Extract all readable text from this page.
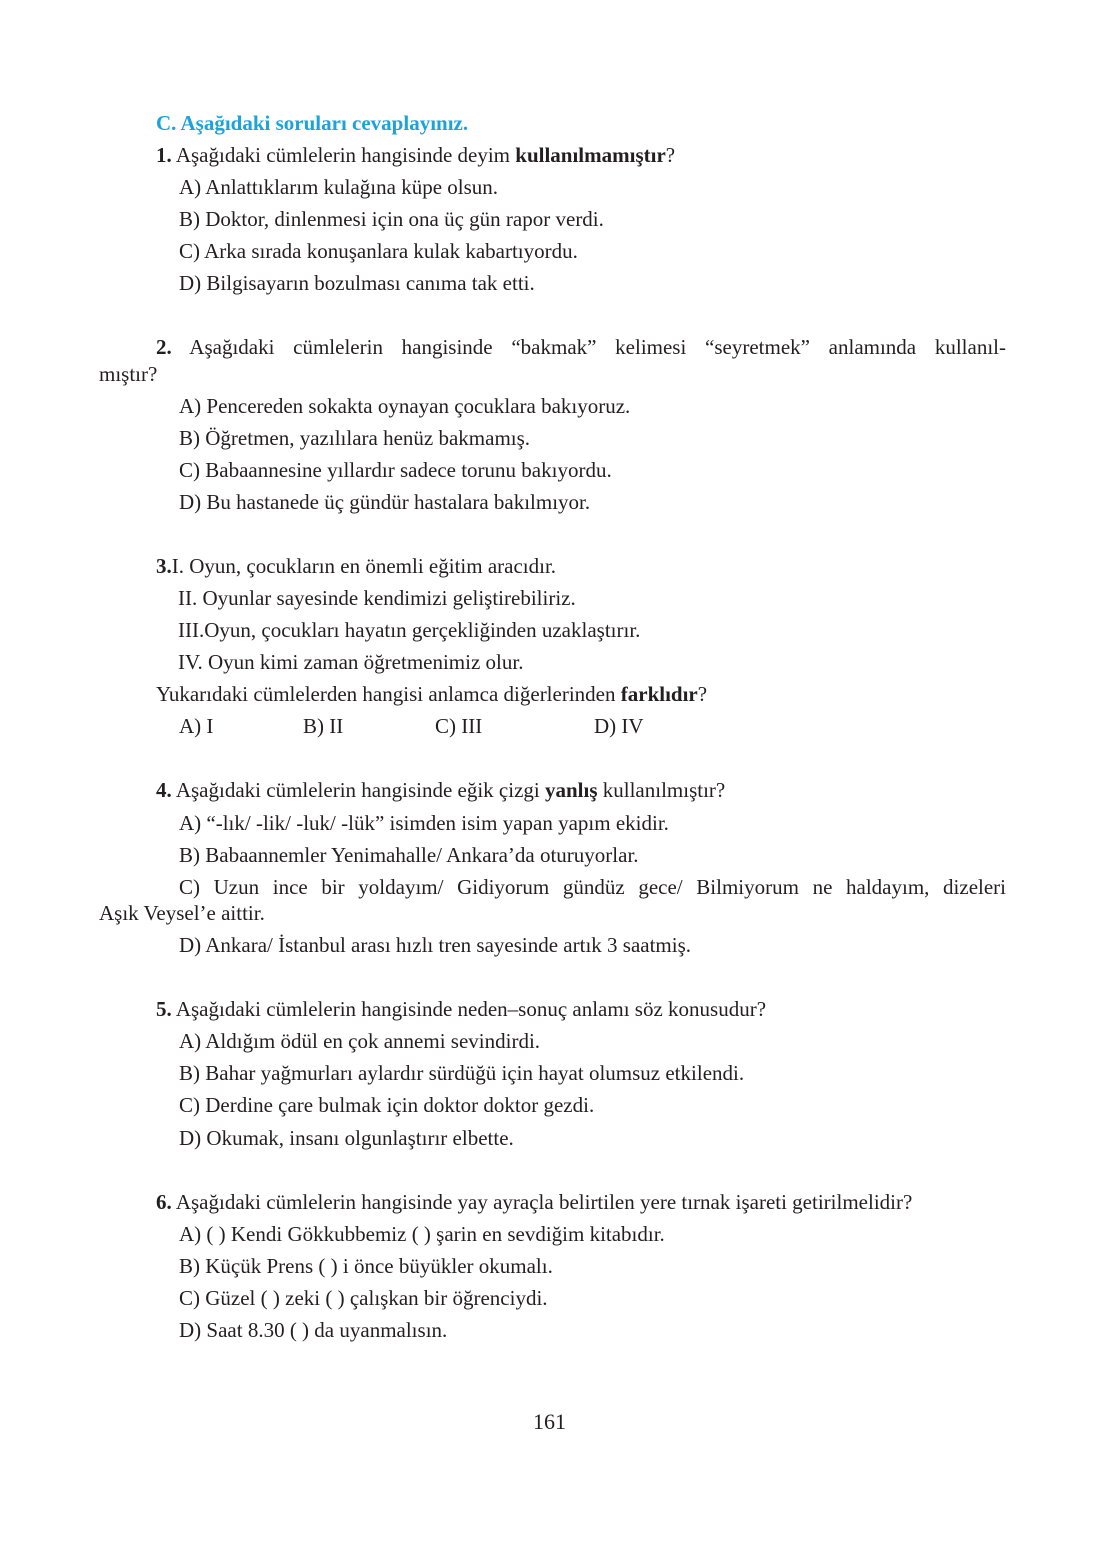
C. Aşağıdaki soruları cevaplayınız.
1. Aşağıdaki cümlelerin hangisinde deyim kullanılmamıştır?
A) Anlattıklarım kulağına küpe olsun.
B) Doktor, dinlenmesi için ona üç gün rapor verdi.
C) Arka sırada konuşanlara kulak kabartıyordu.
D) Bilgisayarın bozulması canıma tak etti.
2. Aşağıdaki cümlelerin hangisinde “bakmak” kelimesi “seyretmek” anlamında kullanıl-
mıştır?
A) Pencereden sokakta oynayan çocuklara bakıyoruz.
B) Öğretmen, yazılılara henüz bakmamış.
C) Babaannesine yıllardır sadece torunu bakıyordu.
D) Bu hastanede üç gündür hastalara bakılmıyor.
3.I. Oyun, çocukların en önemli eğitim aracıdır.
II. Oyunlar sayesinde kendimizi geliştirebiliriz.
III.Oyun, çocukları hayatın gerçekliğinden uzaklaştırır.
IV. Oyun kimi zaman öğretmenimiz olur.
Yukarıdaki cümlelerden hangisi anlamca diğerlerinden farklıdır?
A) I	B) II	C) III	D) IV
4. Aşağıdaki cümlelerin hangisinde eğik çizgi yanlış kullanılmıştır?
A) “-lık/ -lik/ -luk/ -lük” isimden isim yapan yapım ekidir.
B) Babaannemler Yenimahalle/ Ankara’da oturuyorlar.
C) Uzun ince bir yoldayım/ Gidiyorum gündüz gece/ Bilmiyorum ne haldayım, dizeleri
Aşık Veysel’e aittir.
D) Ankara/ İstanbul arası hızlı tren sayesinde artık 3 saatmiş.
5. Aşağıdaki cümlelerin hangisinde neden–sonuç anlamı söz konusudur?
A) Aldığım ödül en çok annemi sevindirdi.
B) Bahar yağmurları aylardır sürdüğü için hayat olumsuz etkilendi.
C) Derdine çare bulmak için doktor doktor gezdi.
D) Okumak, insanı olgunlaştırır elbette.
6. Aşağıdaki cümlelerin hangisinde yay ayraçla belirtilen yere tırnak işareti getirilmelidir?
A) ( ) Kendi Gökkubbemiz ( ) şarin en sevdiğim kitabıdır.
B) Küçük Prens ( ) i önce büyükler okumalı.
C) Güzel ( ) zeki ( ) çalışkan bir öğrenciydi.
D) Saat 8.30 ( ) da uyanmalısın.
161
